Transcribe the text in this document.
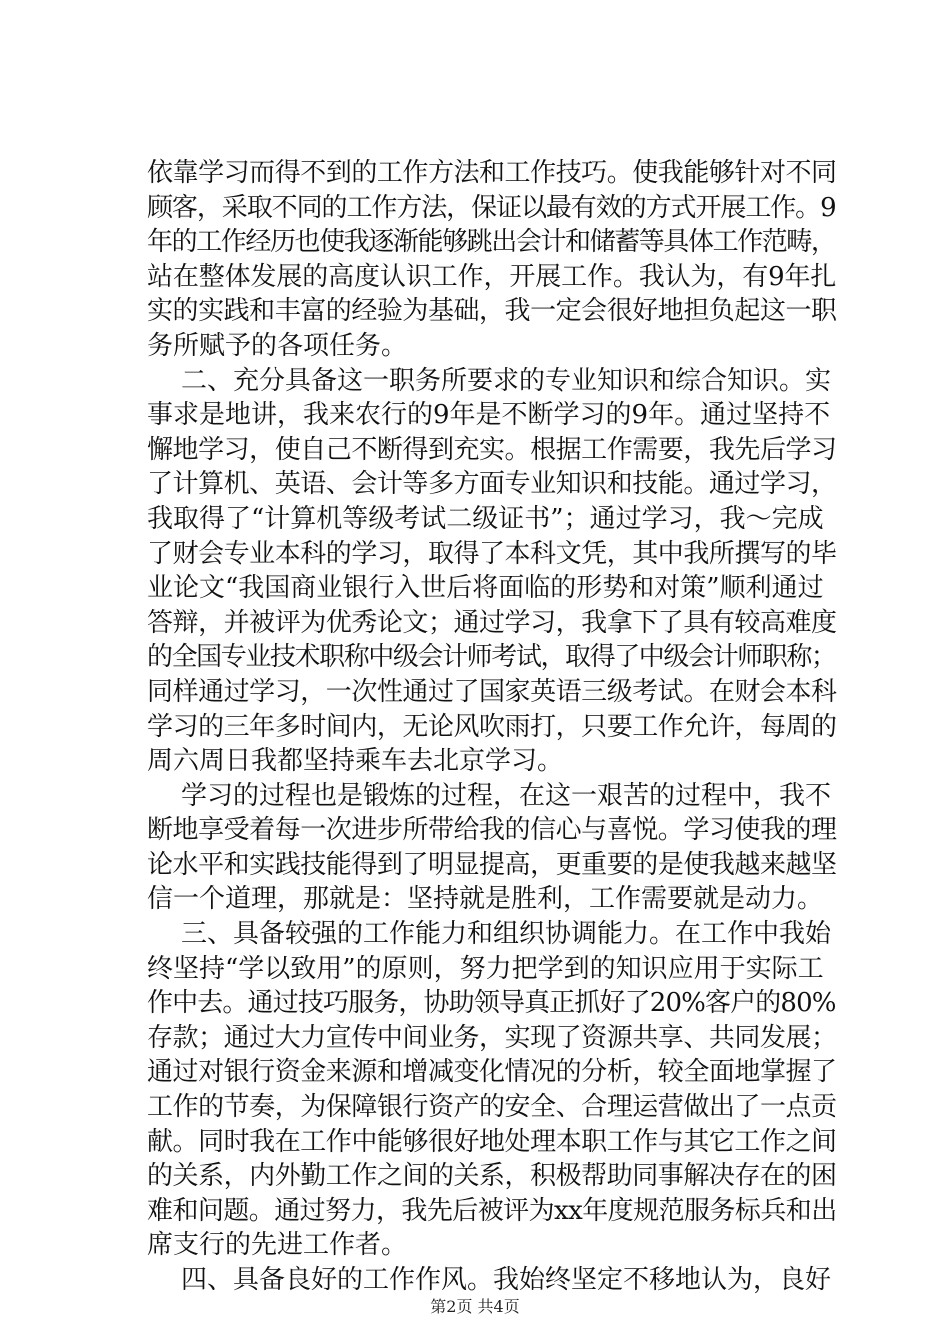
依靠学习而得不到的工作方法和工作技巧。使我能够针对不同
顾客，采取不同的工作方法，保证以最有效的方式开展工作。9
年的工作经历也使我逐渐能够跳出会计和储蓄等具体工作范畴，
站在整体发展的高度认识工作，开展工作。我认为，有9年扎
实的实践和丰富的经验为基础，我一定会很好地担负起这一职
务所赋予的各项任务。
二、充分具备这一职务所要求的专业知识和综合知识。实
事求是地讲，我来农行的9年是不断学习的9年。通过坚持不
懈地学习，使自己不断得到充实。根据工作需要，我先后学习
了计算机、英语、会计等多方面专业知识和技能。通过学习，
我取得了“计算机等级考试二级证书”；通过学习，我～完成
了财会专业本科的学习，取得了本科文凭，其中我所撰写的毕
业论文“我国商业银行入世后将面临的形势和对策”顺利通过
答辩，并被评为优秀论文；通过学习，我拿下了具有较高难度
的全国专业技术职称中级会计师考试，取得了中级会计师职称；
同样通过学习，一次性通过了国家英语三级考试。在财会本科
学习的三年多时间内，无论风吹雨打，只要工作允许，每周的
周六周日我都坚持乘车去北京学习。
学习的过程也是锻炼的过程，在这一艰苦的过程中，我不
断地享受着每一次进步所带给我的信心与喜悦。学习使我的理
论水平和实践技能得到了明显提高，更重要的是使我越来越坚
信一个道理，那就是：坚持就是胜利，工作需要就是动力。
三、具备较强的工作能力和组织协调能力。在工作中我始
终坚持“学以致用”的原则，努力把学到的知识应用于实际工
作中去。通过技巧服务，协助领导真正抓好了20%客户的80%
存款；通过大力宣传中间业务，实现了资源共享、共同发展；
通过对银行资金来源和增减变化情况的分析，较全面地掌握了
工作的节奏，为保障银行资产的安全、合理运营做出了一点贡
献。同时我在工作中能够很好地处理本职工作与其它工作之间
的关系，内外勤工作之间的关系，积极帮助同事解决存在的困
难和问题。通过努力，我先后被评为xx年度规范服务标兵和出
席支行的先进工作者。
四、具备良好的工作作风。我始终坚定不移地认为，良好
第2页 共4页
